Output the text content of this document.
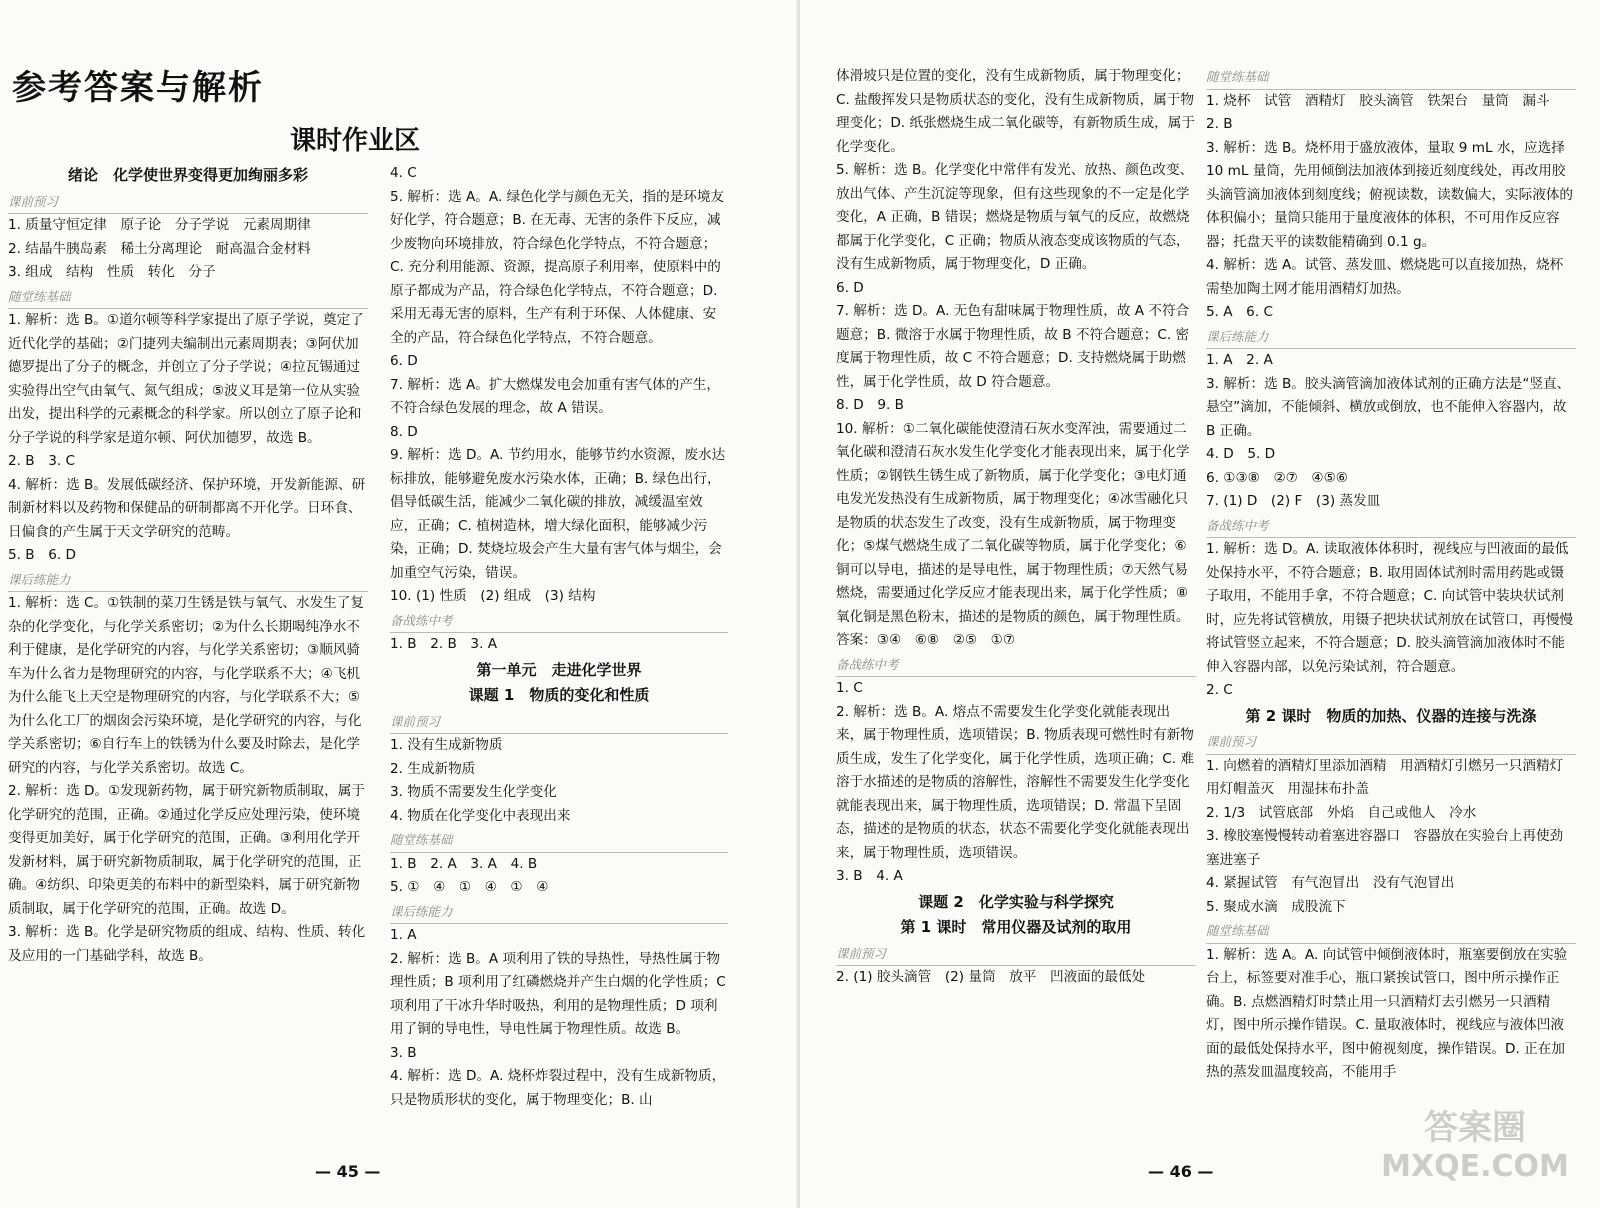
参考答案与解析
课时作业区

绪论　化学使世界变得更加绚丽多彩

课前预习

1. 质量守恒定律　原子论　分子学说　元素周期律

2. 结晶牛胰岛素　稀土分离理论　耐高温合金材料

3. 组成　结构　性质　转化　分子

随堂练基础

1. 解析：选 B。①道尔顿等科学家提出了原子学说，奠定了近代化学的基础；②门捷列夫编制出元素周期表；③阿伏加德罗提出了分子的概念，并创立了分子学说；④拉瓦锡通过实验得出空气由氧气、氮气组成；⑤波义耳是第一位从实验出发，提出科学的元素概念的科学家。所以创立了原子论和分子学说的科学家是道尔顿、阿伏加德罗，故选 B。

2. B　3. C

4. 解析：选 B。发展低碳经济、保护环境，开发新能源、研制新材料以及药物和保健品的研制都离不开化学。日环食、日偏食的产生属于天文学研究的范畴。

5. B　6. D

课后练能力

1. 解析：选 C。①铁制的菜刀生锈是铁与氧气、水发生了复杂的化学变化，与化学关系密切；②为什么长期喝纯净水不利于健康，是化学研究的内容，与化学关系密切；③顺风骑车为什么省力是物理研究的内容，与化学联系不大；④飞机为什么能飞上天空是物理研究的内容，与化学联系不大；⑤为什么化工厂的烟囱会污染环境，是化学研究的内容，与化学关系密切；⑥自行车上的铁锈为什么要及时除去，是化学研究的内容，与化学关系密切。故选 C。

2. 解析：选 D。①发现新药物，属于研究新物质制取，属于化学研究的范围，正确。②通过化学反应处理污染，使环境变得更加美好，属于化学研究的范围，正确。③利用化学开发新材料，属于研究新物质制取，属于化学研究的范围，正确。④纺织、印染更美的布料中的新型染料，属于研究新物质制取，属于化学研究的范围，正确。故选 D。

3. 解析：选 B。化学是研究物质的组成、结构、性质、转化及应用的一门基础学科，故选 B。

4. C

5. 解析：选 A。A. 绿色化学与颜色无关，指的是环境友好化学，符合题意；B. 在无毒、无害的条件下反应，减少废物向环境排放，符合绿色化学特点，不符合题意；C. 充分利用能源、资源，提高原子利用率，使原料中的原子都成为产品，符合绿色化学特点，不符合题意；D. 采用无毒无害的原料，生产有利于环保、人体健康、安全的产品，符合绿色化学特点，不符合题意。

6. D

7. 解析：选 A。扩大燃煤发电会加重有害气体的产生，不符合绿色发展的理念，故 A 错误。

8. D

9. 解析：选 D。A. 节约用水，能够节约水资源，废水达标排放，能够避免废水污染水体，正确；B. 绿色出行，倡导低碳生活，能减少二氧化碳的排放，减缓温室效应，正确；C. 植树造林，增大绿化面积，能够减少污染，正确；D. 焚烧垃圾会产生大量有害气体与烟尘，会加重空气污染，错误。

10. (1) 性质　(2) 组成　(3) 结构

备战练中考

1. B　2. B　3. A

第一单元　走进化学世界

课题 1　物质的变化和性质

课前预习

1. 没有生成新物质

2. 生成新物质

3. 物质不需要发生化学变化

4. 物质在化学变化中表现出来

随堂练基础

1. B　2. A　3. A　4. B

5. ①　④　①　④　①　④

课后练能力

1. A

2. 解析：选 B。A 项利用了铁的导热性，导热性属于物理性质；B 项利用了红磷燃烧并产生白烟的化学性质；C 项利用了干冰升华时吸热，利用的是物理性质；D 项利用了铜的导电性，导电性属于物理性质。故选 B。

3. B

4. 解析：选 D。A. 烧杯炸裂过程中，没有生成新物质，只是物质形状的变化，属于物理变化；B. 山

— 45 —

体滑坡只是位置的变化，没有生成新物质，属于物理变化；C. 盐酸挥发只是物质状态的变化，没有生成新物质，属于物理变化；D. 纸张燃烧生成二氧化碳等，有新物质生成，属于化学变化。

5. 解析：选 B。化学变化中常伴有发光、放热、颜色改变、放出气体、产生沉淀等现象，但有这些现象的不一定是化学变化，A 正确，B 错误；燃烧是物质与氧气的反应，故燃烧都属于化学变化，C 正确；物质从液态变成该物质的气态，没有生成新物质，属于物理变化，D 正确。

6. D

7. 解析：选 D。A. 无色有甜味属于物理性质，故 A 不符合题意；B. 微溶于水属于物理性质，故 B 不符合题意；C. 密度属于物理性质，故 C 不符合题意；D. 支持燃烧属于助燃性，属于化学性质，故 D 符合题意。

8. D　9. B

10. 解析：①二氧化碳能使澄清石灰水变浑浊，需要通过二氧化碳和澄清石灰水发生化学变化才能表现出来，属于化学性质；②钢铁生锈生成了新物质，属于化学变化；③电灯通电发光发热没有生成新物质，属于物理变化；④冰雪融化只是物质的状态发生了改变，没有生成新物质，属于物理变化；⑤煤气燃烧生成了二氧化碳等物质，属于化学变化；⑥铜可以导电，描述的是导电性，属于物理性质；⑦天然气易燃烧，需要通过化学反应才能表现出来，属于化学性质；⑧氧化铜是黑色粉末，描述的是物质的颜色，属于物理性质。

答案：③④　⑥⑧　②⑤　①⑦

备战练中考

1. C

2. 解析：选 B。A. 熔点不需要发生化学变化就能表现出来，属于物理性质，选项错误；B. 物质表现可燃性时有新物质生成，发生了化学变化，属于化学性质，选项正确；C. 难溶于水描述的是物质的溶解性，溶解性不需要发生化学变化就能表现出来，属于物理性质，选项错误；D. 常温下呈固态，描述的是物质的状态，状态不需要化学变化就能表现出来，属于物理性质，选项错误。

3. B　4. A

课题 2　化学实验与科学探究

第 1 课时　常用仪器及试剂的取用

课前预习

2. (1) 胶头滴管　(2) 量筒　放平　凹液面的最低处

随堂练基础

1. 烧杯　试管　酒精灯　胶头滴管　铁架台　量筒　漏斗

2. B

3. 解析：选 B。烧杯用于盛放液体，量取 9 mL 水，应选择 10 mL 量筒，先用倾倒法加液体到接近刻度线处，再改用胶头滴管滴加液体到刻度线；俯视读数，读数偏大，实际液体的体积偏小；量筒只能用于量度液体的体积，不可用作反应容器；托盘天平的读数能精确到 0.1 g。

4. 解析：选 A。试管、蒸发皿、燃烧匙可以直接加热，烧杯需垫加陶土网才能用酒精灯加热。

5. A　6. C

课后练能力

1. A　2. A

3. 解析：选 B。胶头滴管滴加液体试剂的正确方法是“竖直、悬空”滴加，不能倾斜、横放或倒放，也不能伸入容器内，故 B 正确。

4. D　5. D

6. ①③⑧　②⑦　④⑤⑥

7. (1) D　(2) F　(3) 蒸发皿

备战练中考

1. 解析：选 D。A. 读取液体体积时，视线应与凹液面的最低处保持水平，不符合题意；B. 取用固体试剂时需用药匙或镊子取用，不能用手拿，不符合题意；C. 向试管中装块状试剂时，应先将试管横放，用镊子把块状试剂放在试管口，再慢慢将试管竖立起来，不符合题意；D. 胶头滴管滴加液体时不能伸入容器内部，以免污染试剂，符合题意。

2. C

第 2 课时　物质的加热、仪器的连接与洗涤

课前预习

1. 向燃着的酒精灯里添加酒精　用酒精灯引燃另一只酒精灯　用灯帽盖灭　用湿抹布扑盖

2. 1/3　试管底部　外焰　自己或他人　冷水

3. 橡胶塞慢慢转动着塞进容器口　容器放在实验台上再使劲塞进塞子

4. 紧握试管　有气泡冒出　没有气泡冒出

5. 聚成水滴　成股流下

随堂练基础

1. 解析：选 A。A. 向试管中倾倒液体时，瓶塞要倒放在实验台上，标签要对准手心，瓶口紧挨试管口，图中所示操作正确。B. 点燃酒精灯时禁止用一只酒精灯去引燃另一只酒精灯，图中所示操作错误。C. 量取液体时，视线应与液体凹液面的最低处保持水平，图中俯视刻度，操作错误。D. 正在加热的蒸发皿温度较高，不能用手

— 46 —
答案圈
MXQE.COM
